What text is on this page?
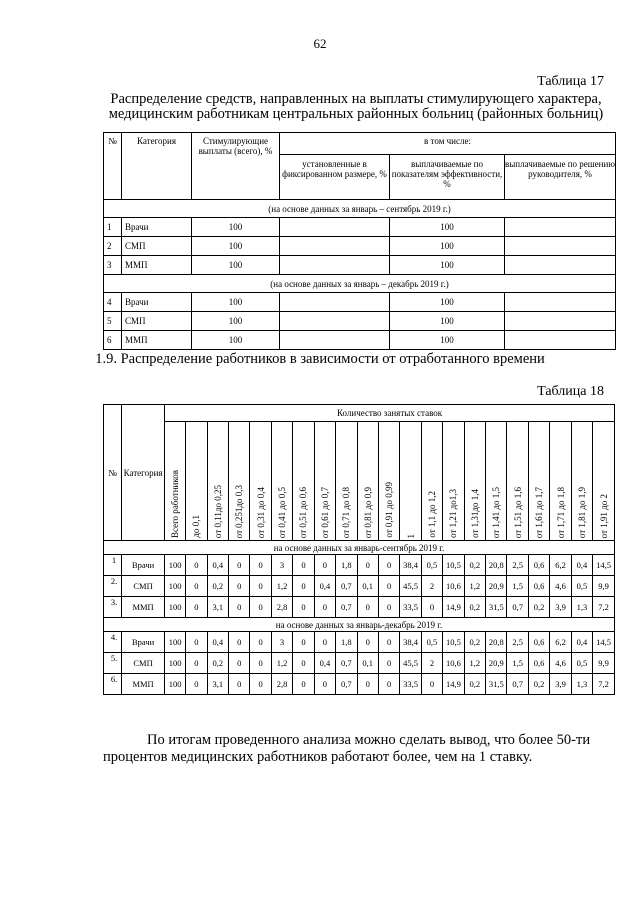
62
Таблица 17
Распределение средств, направленных на выплаты стимулирующего характера, медицинским работникам центральных районных больниц (районных больниц)
№	Категория	Стимулирующие выплаты (всего), %	в том числе:		
			установленные в фиксированном размере, %	выплачиваемые по показателям эффективности, %	выплачиваемые по решению руководителя, %
(на основе данных за январь – сентябрь 2019 г.)					
1	Врачи	100		100	
2	СМП	100		100	
3	ММП	100		100	
(на основе данных за январь – декабрь 2019 г.)					
4	Врачи	100		100	
5	СМП	100		100	
6	ММП	100		100	
1.9. Распределение работников в зависимости от отработанного времени
Таблица 18
№	Категория	Количество занятых ставок																				
		Всего работников	до 0,1	от 0,11до 0,25	от 0,251до 0,3	от 0,31 до 0,4	от 0,41 до 0,5	от 0,51 до 0,6	от 0,61 до 0,7	от 0,71 до 0,8	от 0,81 до 0,9	от 0,91 до 0,99	1	от 1,1 до 1,2	от 1,21 до1,3	от 1,31до 1,4	от 1,41 до 1,5	от 1,51 до 1,6	от 1,61 до 1,7	от 1,71 до 1,8	от 1,81 до 1,9	от 1,91 до 2
на основе данных за январь-сентябрь 2019 г.																						
1	Врачи	100	0	0,4	0	0	3	0	0	1,8	0	0	38,4	0,5	10,5	0,2	20,8	2,5	0,6	6,2	0,4	14,5
2.	СМП	100	0	0,2	0	0	1,2	0	0,4	0,7	0,1	0	45,5	2	10,6	1,2	20,9	1,5	0,6	4,6	0,5	9,9
3.	ММП	100	0	3,1	0	0	2,8	0	0	0,7	0	0	33,5	0	14,9	0,2	31,5	0,7	0,2	3,9	1,3	7,2
на основе данных за январь-декабрь 2019 г.																						
4.	Врачи	100	0	0,4	0	0	3	0	0	1,8	0	0	38,4	0,5	10,5	0,2	20,8	2,5	0,6	6,2	0,4	14,5
5.	СМП	100	0	0,2	0	0	1,2	0	0,4	0,7	0,1	0	45,5	2	10,6	1,2	20,9	1,5	0,6	4,6	0,5	9,9
6.	ММП	100	0	3,1	0	0	2,8	0	0	0,7	0	0	33,5	0	14,9	0,2	31,5	0,7	0,2	3,9	1,3	7,2
По итогам проведенного анализа можно сделать вывод, что более 50-ти процентов медицинских работников работают более, чем на 1 ставку.
